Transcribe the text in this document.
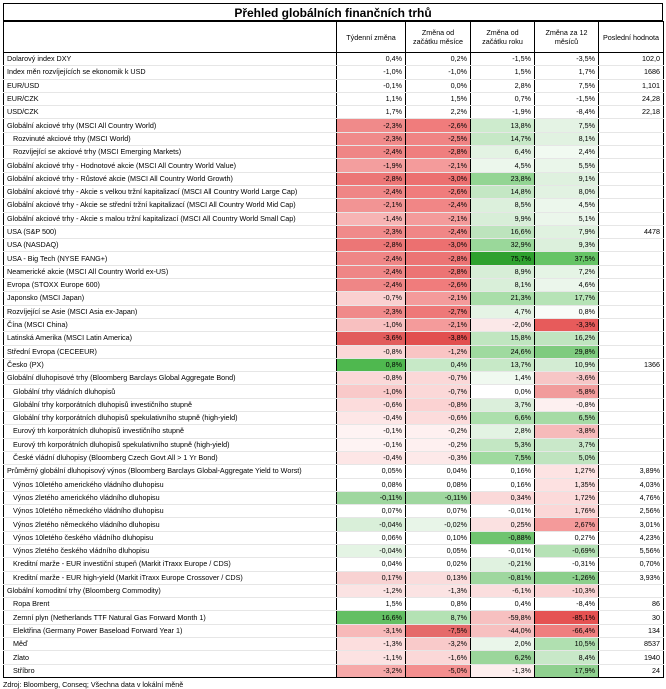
Přehled globálních finančních trhů
	Týdenní změna	Změna od začátku měsíce	Změna od začátku roku	Změna za 12 měsíců	Poslední hodnota
Dolarový index DXY	0,4%	0,2%	-1,5%	-3,5%	102,0
Index měn rozvíjejících se ekonomik k USD	-1,0%	-1,0%	1,5%	1,7%	1686
EUR/USD	-0,1%	0,0%	2,8%	7,5%	1,101
EUR/CZK	1,1%	1,5%	0,7%	-1,5%	24,28
USD/CZK	1,7%	2,2%	-1,9%	-8,4%	22,18
Globální akciové trhy (MSCI All Country World)	-2,3%	-2,6%	13,8%	7,5%	
Rozvinuté akciové trhy (MSCI World)	-2,3%	-2,5%	14,7%	8,1%	
Rozvíjející se akciové trhy (MSCI Emerging Markets)	-2,4%	-2,8%	6,4%	2,4%	
Globální akciové trhy - Hodnotové akcie (MSCI All Country World Value)	-1,9%	-2,1%	4,5%	5,5%	
Globální akciové trhy - Růstové akcie (MSCI All Country World Growth)	-2,8%	-3,0%	23,8%	9,1%	
Globální akciové trhy - Akcie s velkou tržní kapitalizací (MSCI All Country World Large Cap)	-2,4%	-2,6%	14,8%	8,0%	
Globální akciové trhy - Akcie se střední tržní kapitalizací (MSCI All Country World Mid Cap)	-2,1%	-2,4%	8,5%	4,5%	
Globální akciové trhy - Akcie s malou tržní kapitalizací (MSCI All Country World Small Cap)	-1,4%	-2,1%	9,9%	5,1%	
USA (S&P 500)	-2,3%	-2,4%	16,6%	7,9%	4478
USA (NASDAQ)	-2,8%	-3,0%	32,9%	9,3%	
USA - Big Tech (NYSE FANG+)	-2,4%	-2,8%	75,7%	37,5%	
Neamerické akcie (MSCI All Country World ex-US)	-2,4%	-2,8%	8,9%	7,2%	
Evropa (STOXX Europe 600)	-2,4%	-2,6%	8,1%	4,6%	
Japonsko (MSCI Japan)	-0,7%	-2,1%	21,3%	17,7%	
Rozvíjející se Asie (MSCI Asia ex-Japan)	-2,3%	-2,7%	4,7%	0,8%	
Čína (MSCI China)	-1,0%	-2,1%	-2,0%	-3,3%	
Latinská Amerika (MSCI Latin America)	-3,6%	-3,8%	15,8%	16,2%	
Střední Evropa (CECEEUR)	-0,8%	-1,2%	24,6%	29,8%	
Česko (PX)	0,8%	0,4%	13,7%	10,9%	1366
Globální dluhopisové trhy (Bloomberg Barclays Global Aggregate Bond)	-0,8%	-0,7%	1,4%	-3,6%	
Globální trhy vládních dluhopisů	-1,0%	-0,7%	0,0%	-5,8%	
Globální trhy korporátních dluhopisů investičního stupně	-0,6%	-0,8%	3,7%	-0,8%	
Globální trhy korporátních dluhopisů spekulativního stupně (high-yield)	-0,4%	-0,6%	6,6%	6,5%	
Eurový trh korporátních dluhopisů investičního stupně	-0,1%	-0,2%	2,8%	-3,8%	
Eurový trh korporátních dluhopisů spekulativního stupně (high-yield)	-0,1%	-0,2%	5,3%	3,7%	
České vládní dluhopisy (Bloomberg Czech Govt All > 1 Yr Bond)	-0,4%	-0,3%	7,5%	5,0%	
Průměrný globální dluhopisový výnos (Bloomberg Barclays Global-Aggregate Yield to Worst)	0,05%	0,04%	0,16%	1,27%	3,89%
Výnos 10letého amerického vládního dluhopisu	0,08%	0,08%	0,16%	1,35%	4,03%
Výnos 2letého amerického vládního dluhopisu	-0,11%	-0,11%	0,34%	1,72%	4,76%
Výnos 10letého německého vládního dluhopisu	0,07%	0,07%	-0,01%	1,76%	2,56%
Výnos 2letého německého vládního dluhopisu	-0,04%	-0,02%	0,25%	2,67%	3,01%
Výnos 10letého českého vládního dluhopisu	0,06%	0,10%	-0,88%	0,27%	4,23%
Výnos 2letého českého vládního dluhopisu	-0,04%	0,05%	-0,01%	-0,69%	5,56%
Kreditní marže - EUR investiční stupeň (Markit iTraxx Europe / CDS)	0,04%	0,02%	-0,21%	-0,31%	0,70%
Kreditní marže - EUR high-yield (Markit iTraxx Europe Crossover / CDS)	0,17%	0,13%	-0,81%	-1,26%	3,93%
Globální komoditní trhy (Bloomberg Commodity)	-1,2%	-1,3%	-6,1%	-10,3%	
Ropa Brent	1,5%	0,8%	0,4%	-8,4%	86
Zemní plyn (Netherlands TTF Natural Gas Forward Month 1)	16,6%	8,7%	-59,8%	-85,1%	30
Elektřina (Germany Power Baseload Forward Year 1)	-3,1%	-7,5%	-44,0%	-66,4%	134
Měď	-1,3%	-3,2%	2,0%	10,5%	8537
Zlato	-1,1%	-1,6%	6,2%	8,4%	1940
Stříbro	-3,2%	-5,0%	-1,3%	17,9%	24
Zdroj: Bloomberg, Conseq; Všechna data v lokální měně
